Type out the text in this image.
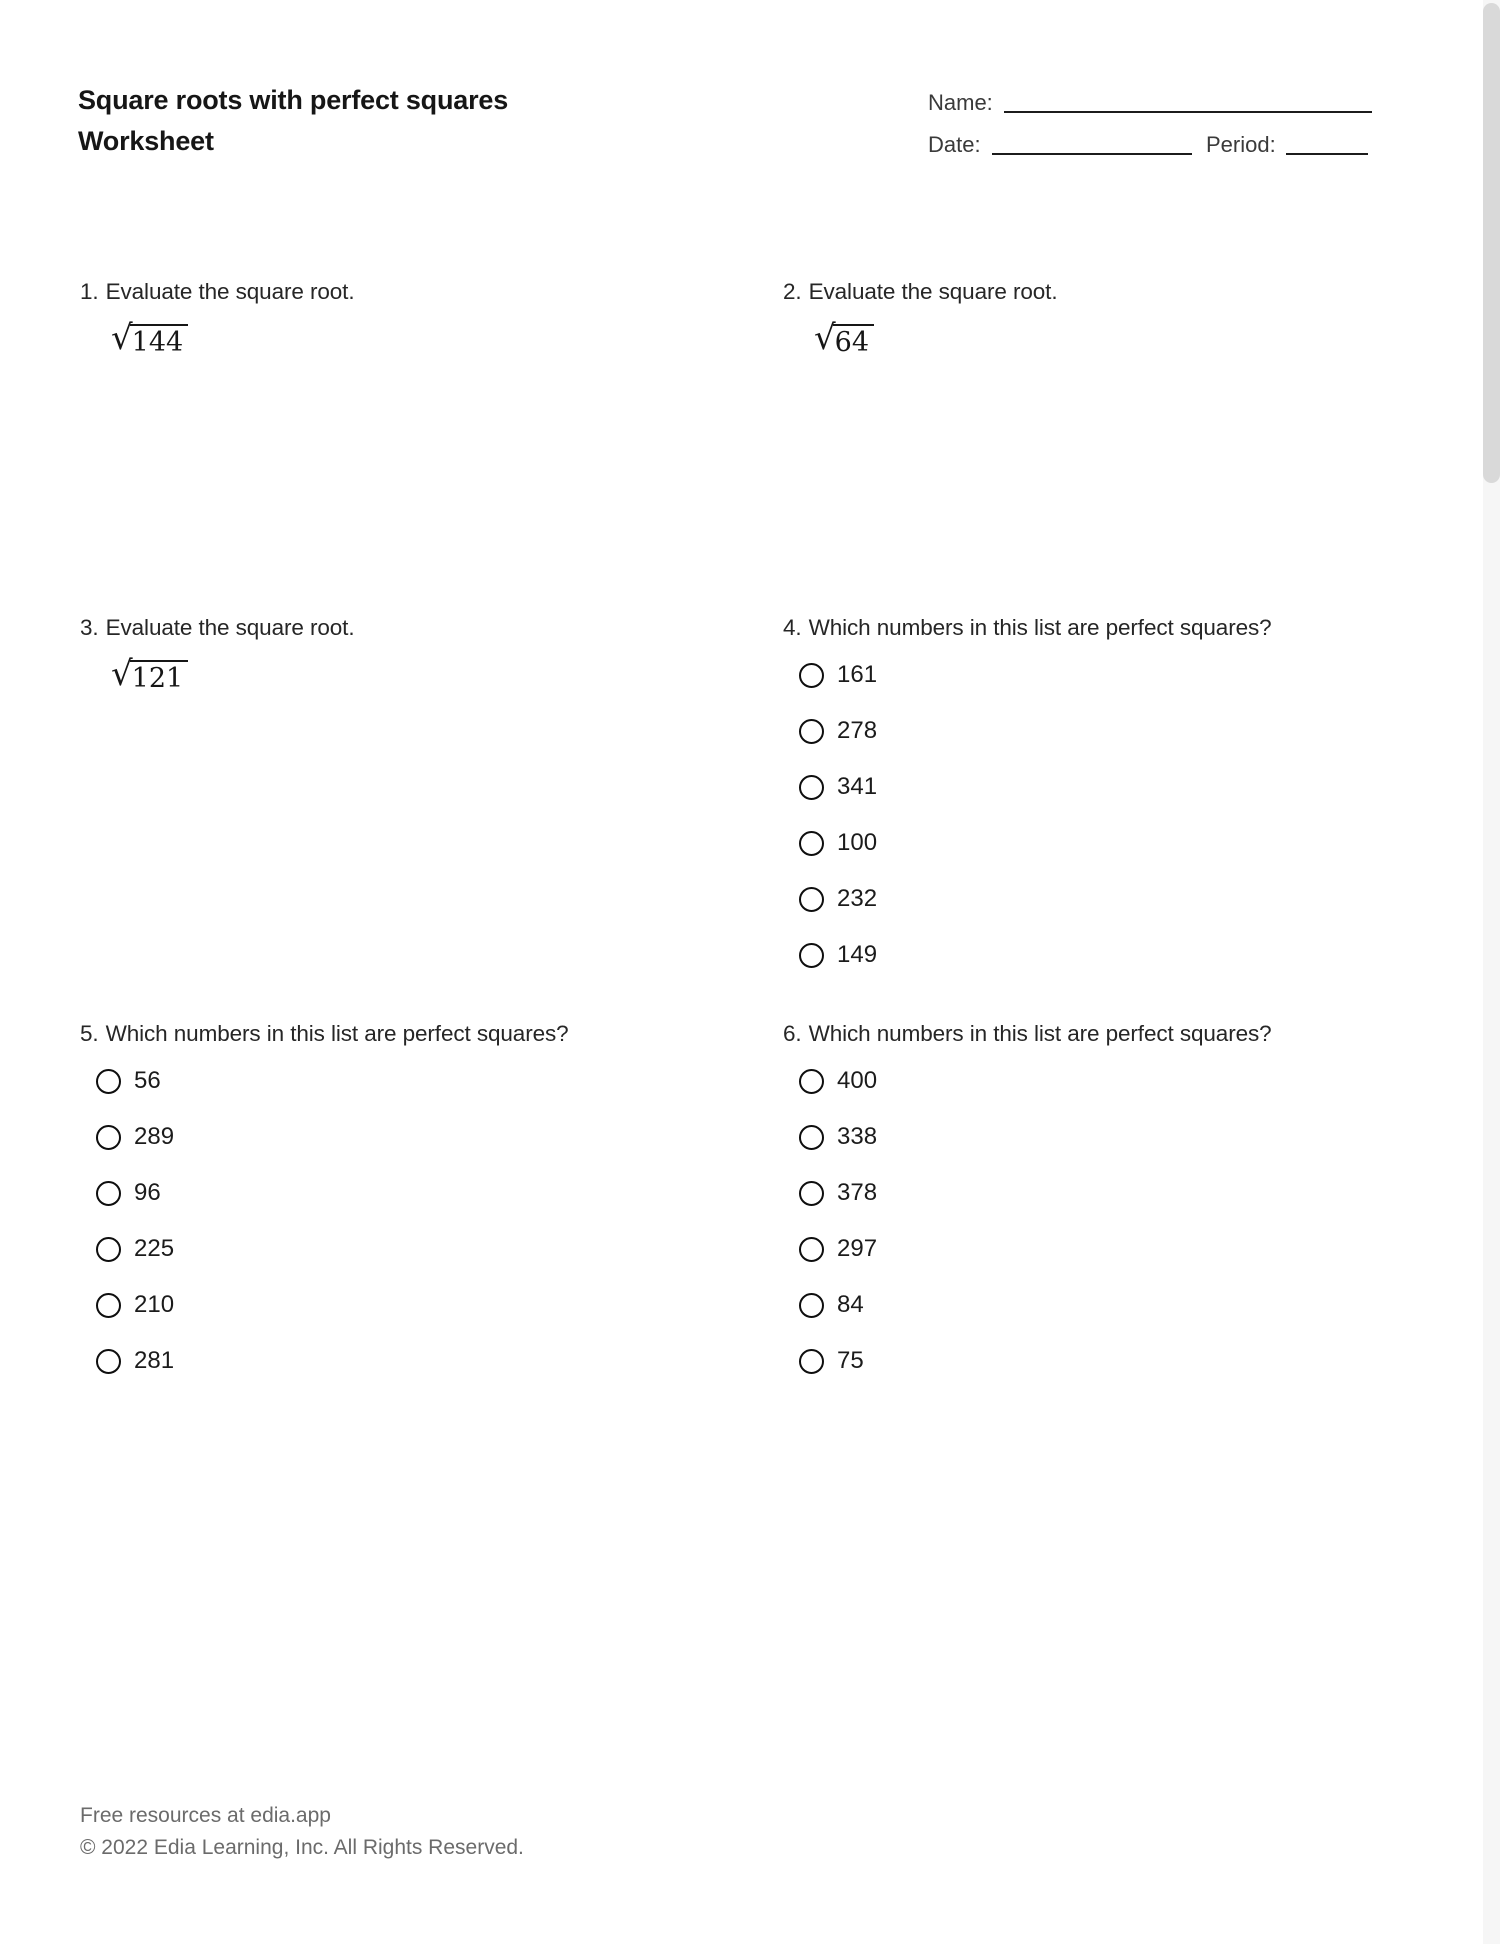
Square roots with perfect squares
Worksheet
Name:
Date:	Period:
1. Evaluate the square root.
√ 144
2. Evaluate the square root.
√ 64
3. Evaluate the square root.
√ 121
4. Which numbers in this list are perfect squares?
161
278
341
100
232
149
5. Which numbers in this list are perfect squares?
56
289
96
225
210
281
6. Which numbers in this list are perfect squares?
400
338
378
297
84
75
Free resources at edia.app
© 2022 Edia Learning, Inc. All Rights Reserved.
